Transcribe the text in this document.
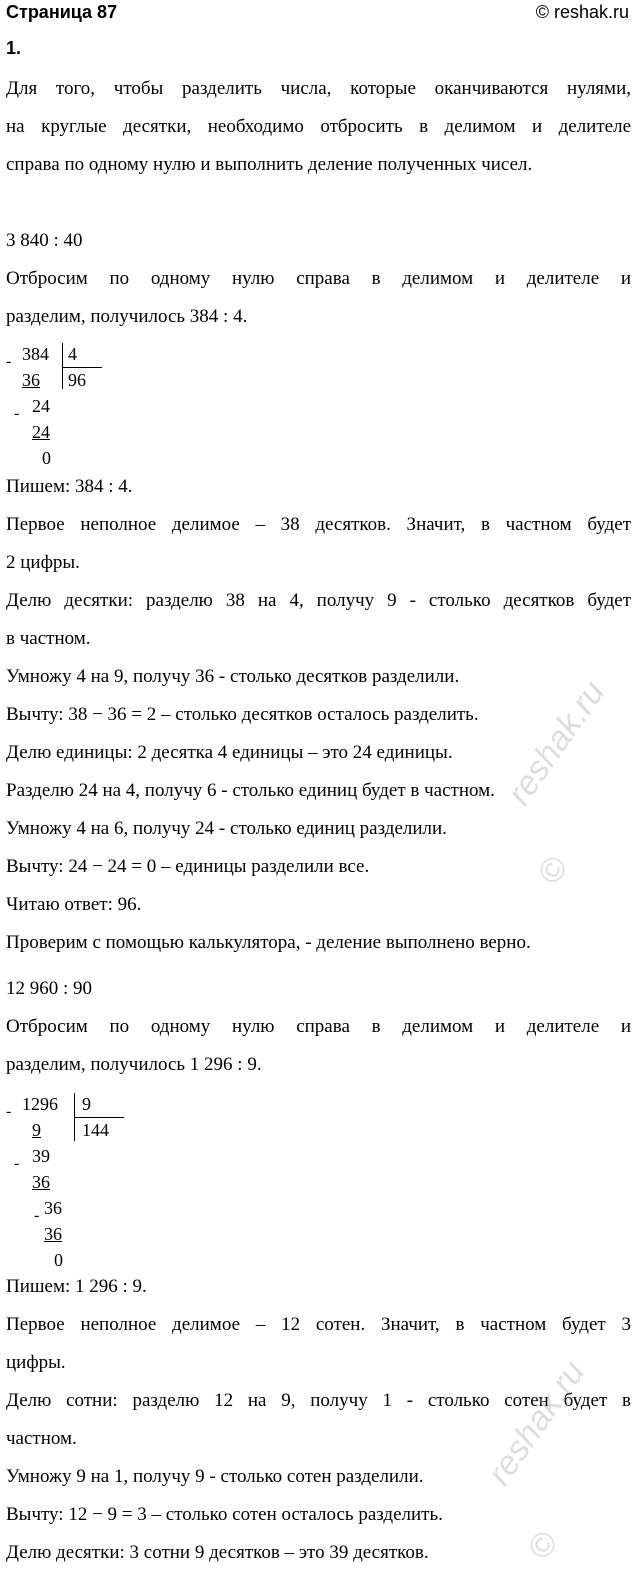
Страница 87	© reshak.ru
1.
Для того, чтобы разделить числа, которые оканчиваются нулями,
на круглые десятки, необходимо отбросить в делимом и делителе
справа по одному нулю и выполнить деление полученных чисел.
3 840 : 40
Отбросим по одному нулю справа в делимом и делителе и
разделим, получилось 384 : 4.
- 384 4
96
36
- 24
24
0
Пишем: 384 : 4.
Первое неполное делимое – 38 десятков. Значит, в частном будет
2 цифры.
Делю десятки: разделю 38 на 4, получу 9 - столько десятков будет
в частном.
Умножу 4 на 9, получу 36 - столько десятков разделили.
Вычту: 38 − 36 = 2 – столько десятков осталось разделить.
Делю единицы: 2 десятка 4 единицы – это 24 единицы.
Разделю 24 на 4, получу 6 - столько единиц будет в частном.
Умножу 4 на 6, получу 24 - столько единиц разделили.
Вычту: 24 − 24 = 0 – единицы разделили все.
Читаю ответ: 96.
Проверим с помощью калькулятора, - деление выполнено верно.
12 960 : 90
Отбросим по одному нулю справа в делимом и делителе и
разделим, получилось 1 296 : 9.
- 1296 9
144
9
- 39
36
- 36
36
0
Пишем: 1 296 : 9.
Первое неполное делимое – 12 сотен. Значит, в частном будет 3
цифры.
Делю сотни: разделю 12 на 9, получу 1 - столько сотен будет в
частном.
Умножу 9 на 1, получу 9 - столько сотен разделили.
Вычту: 12 − 9 = 3 – столько сотен осталось разделить.
Делю десятки: 3 сотни 9 десятков – это 39 десятков.
reshak.ru
©
reshak.ru
©
